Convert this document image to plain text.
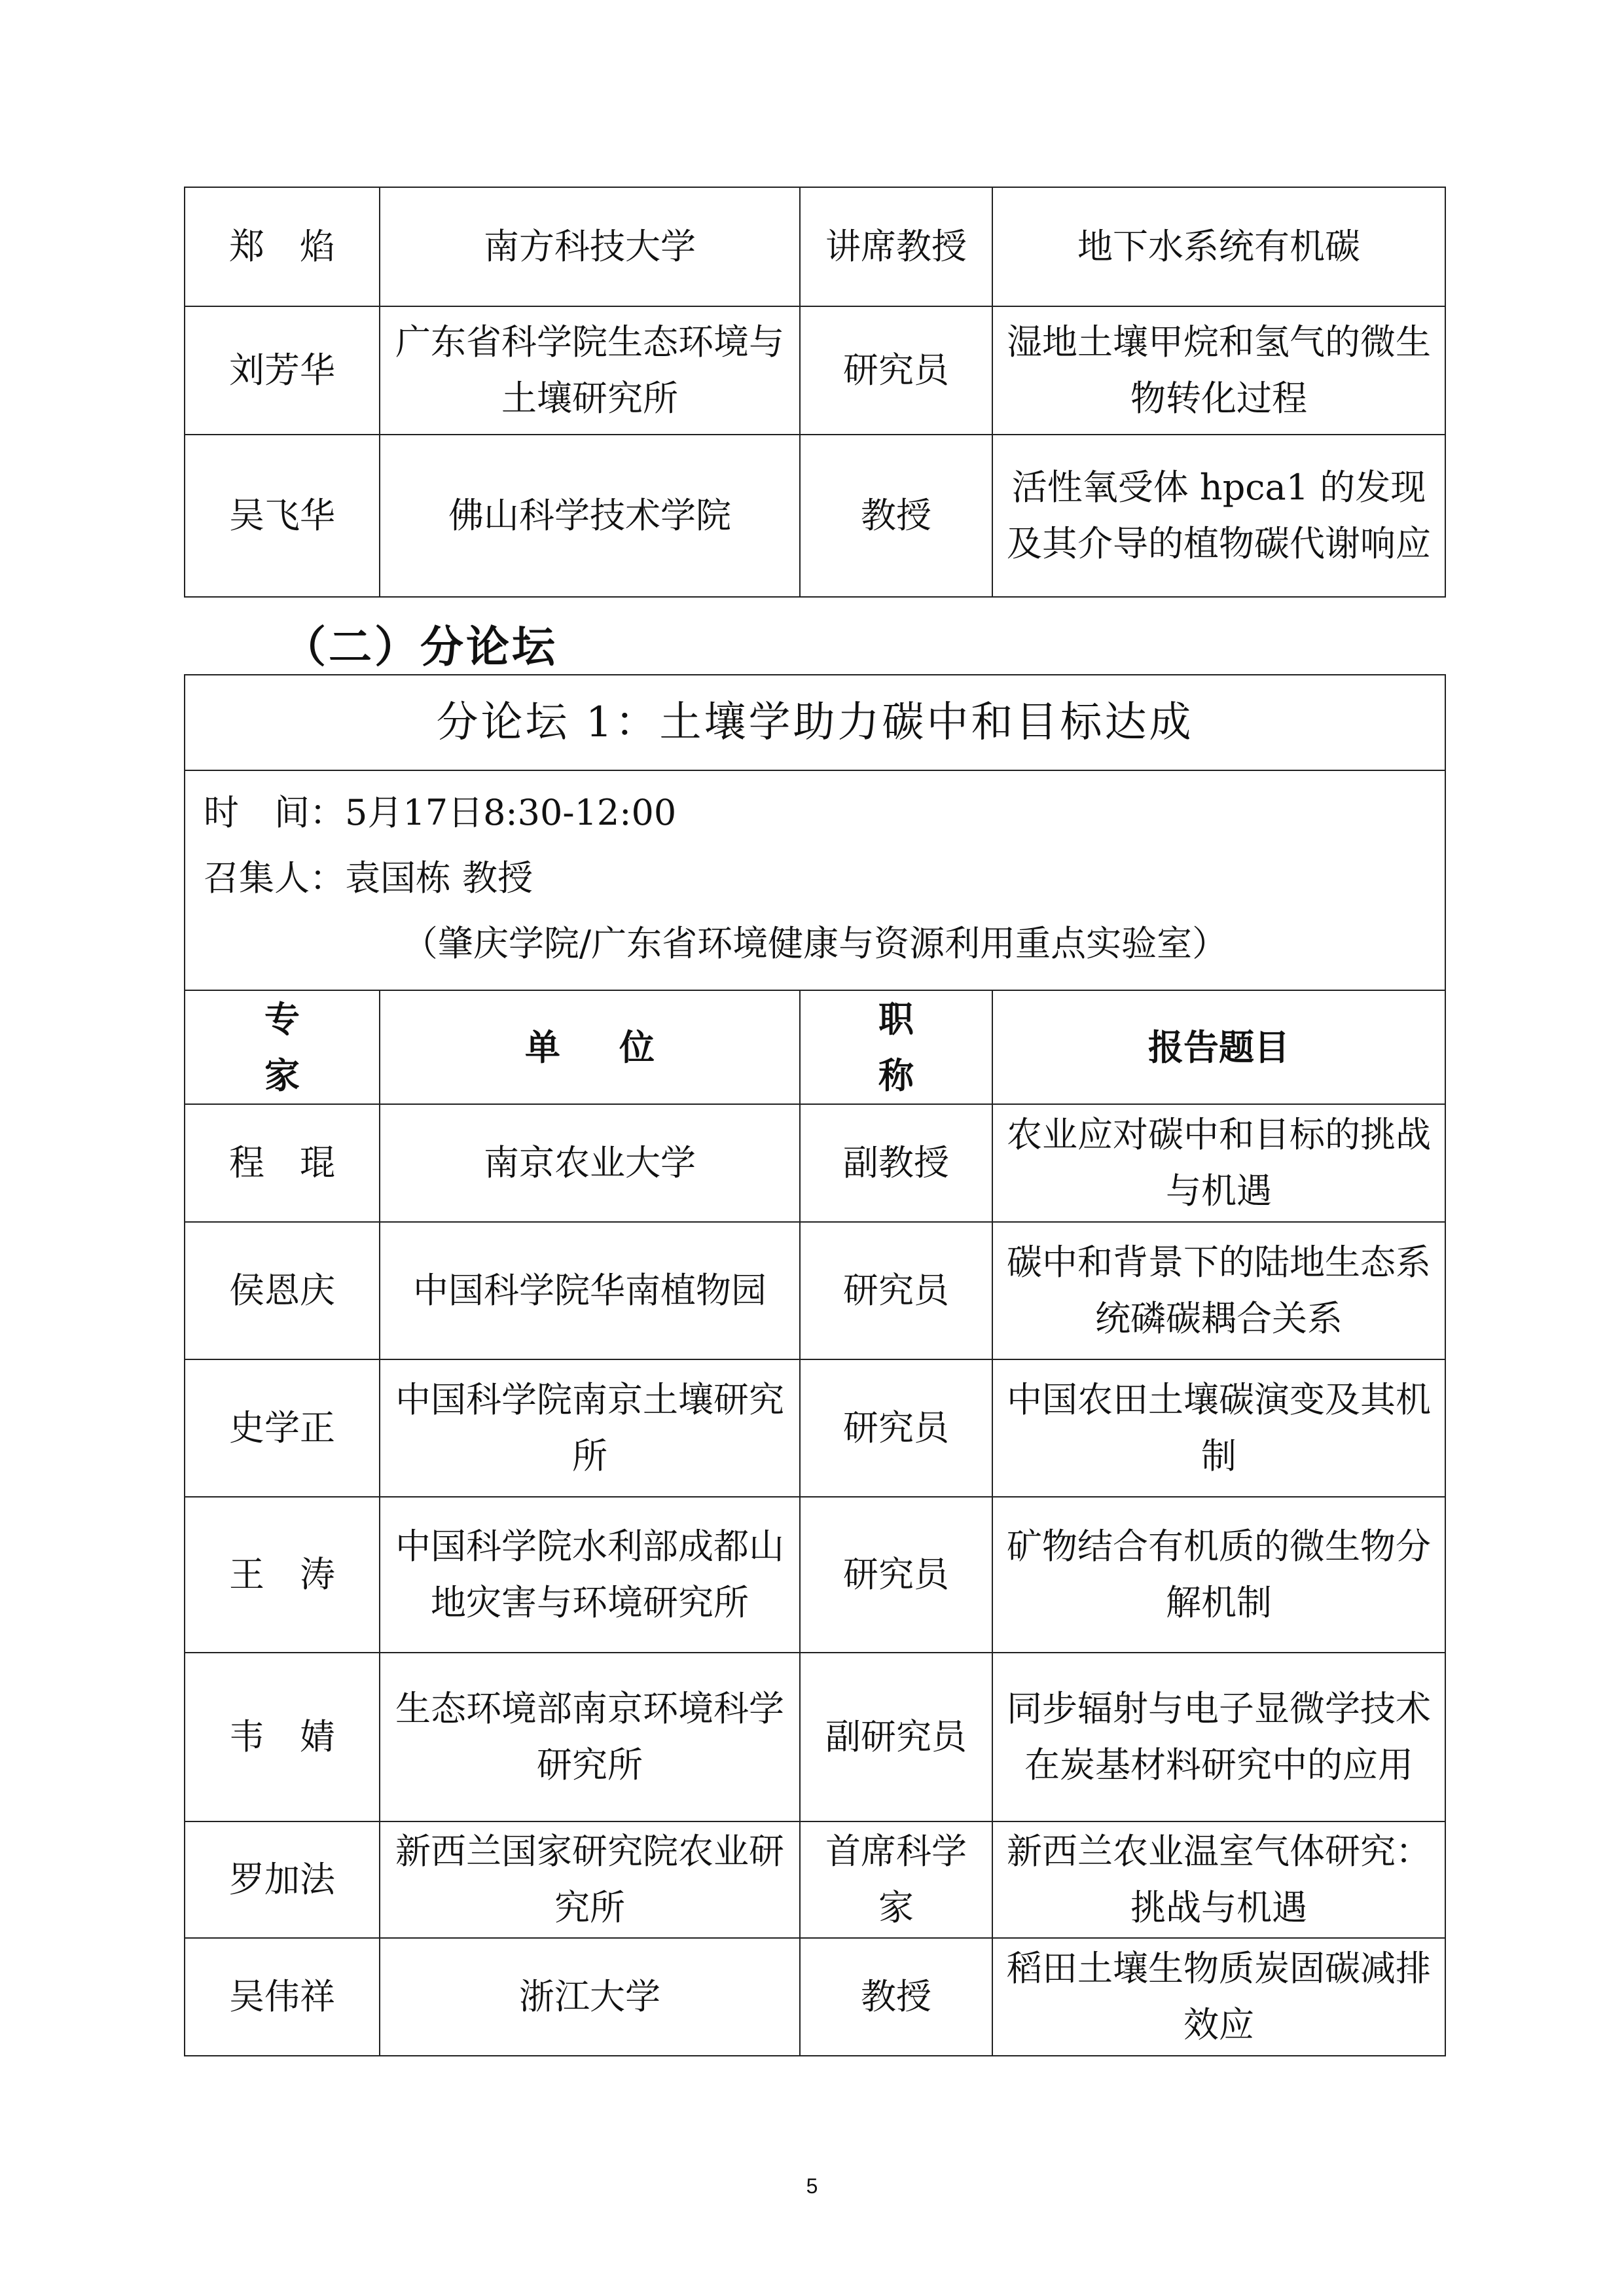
郑　焰	南方科技大学	讲席教授	地下水系统有机碳
刘芳华	广东省科学院生态环境与土壤研究所	研究员	湿地土壤甲烷和氢气的微生物转化过程
吴飞华	佛山科学技术学院	教授	活性氧受体 hpca1 的发现及其介导的植物碳代谢响应
（二）分论坛
分论坛 1：土壤学助力碳中和目标达成			

时　间：5月17日8:30-12:00
召集人：袁国栋 教授
（肇庆学院/广东省环境健康与资源利用重点实验室）			

专家	单位	职称	报告题目
程　琨	南京农业大学	副教授	农业应对碳中和目标的挑战与机遇
侯恩庆	中国科学院华南植物园	研究员	碳中和背景下的陆地生态系统磷碳耦合关系
史学正	中国科学院南京土壤研究所	研究员	中国农田土壤碳演变及其机制
王　涛	中国科学院水利部成都山地灾害与环境研究所	研究员	矿物结合有机质的微生物分解机制
韦　婧	生态环境部南京环境科学研究所	副研究员	同步辐射与电子显微学技术在炭基材料研究中的应用
罗加法	新西兰国家研究院农业研究所	首席科学家	新西兰农业温室气体研究：挑战与机遇
吴伟祥	浙江大学	教授	稻田土壤生物质炭固碳减排效应
5
